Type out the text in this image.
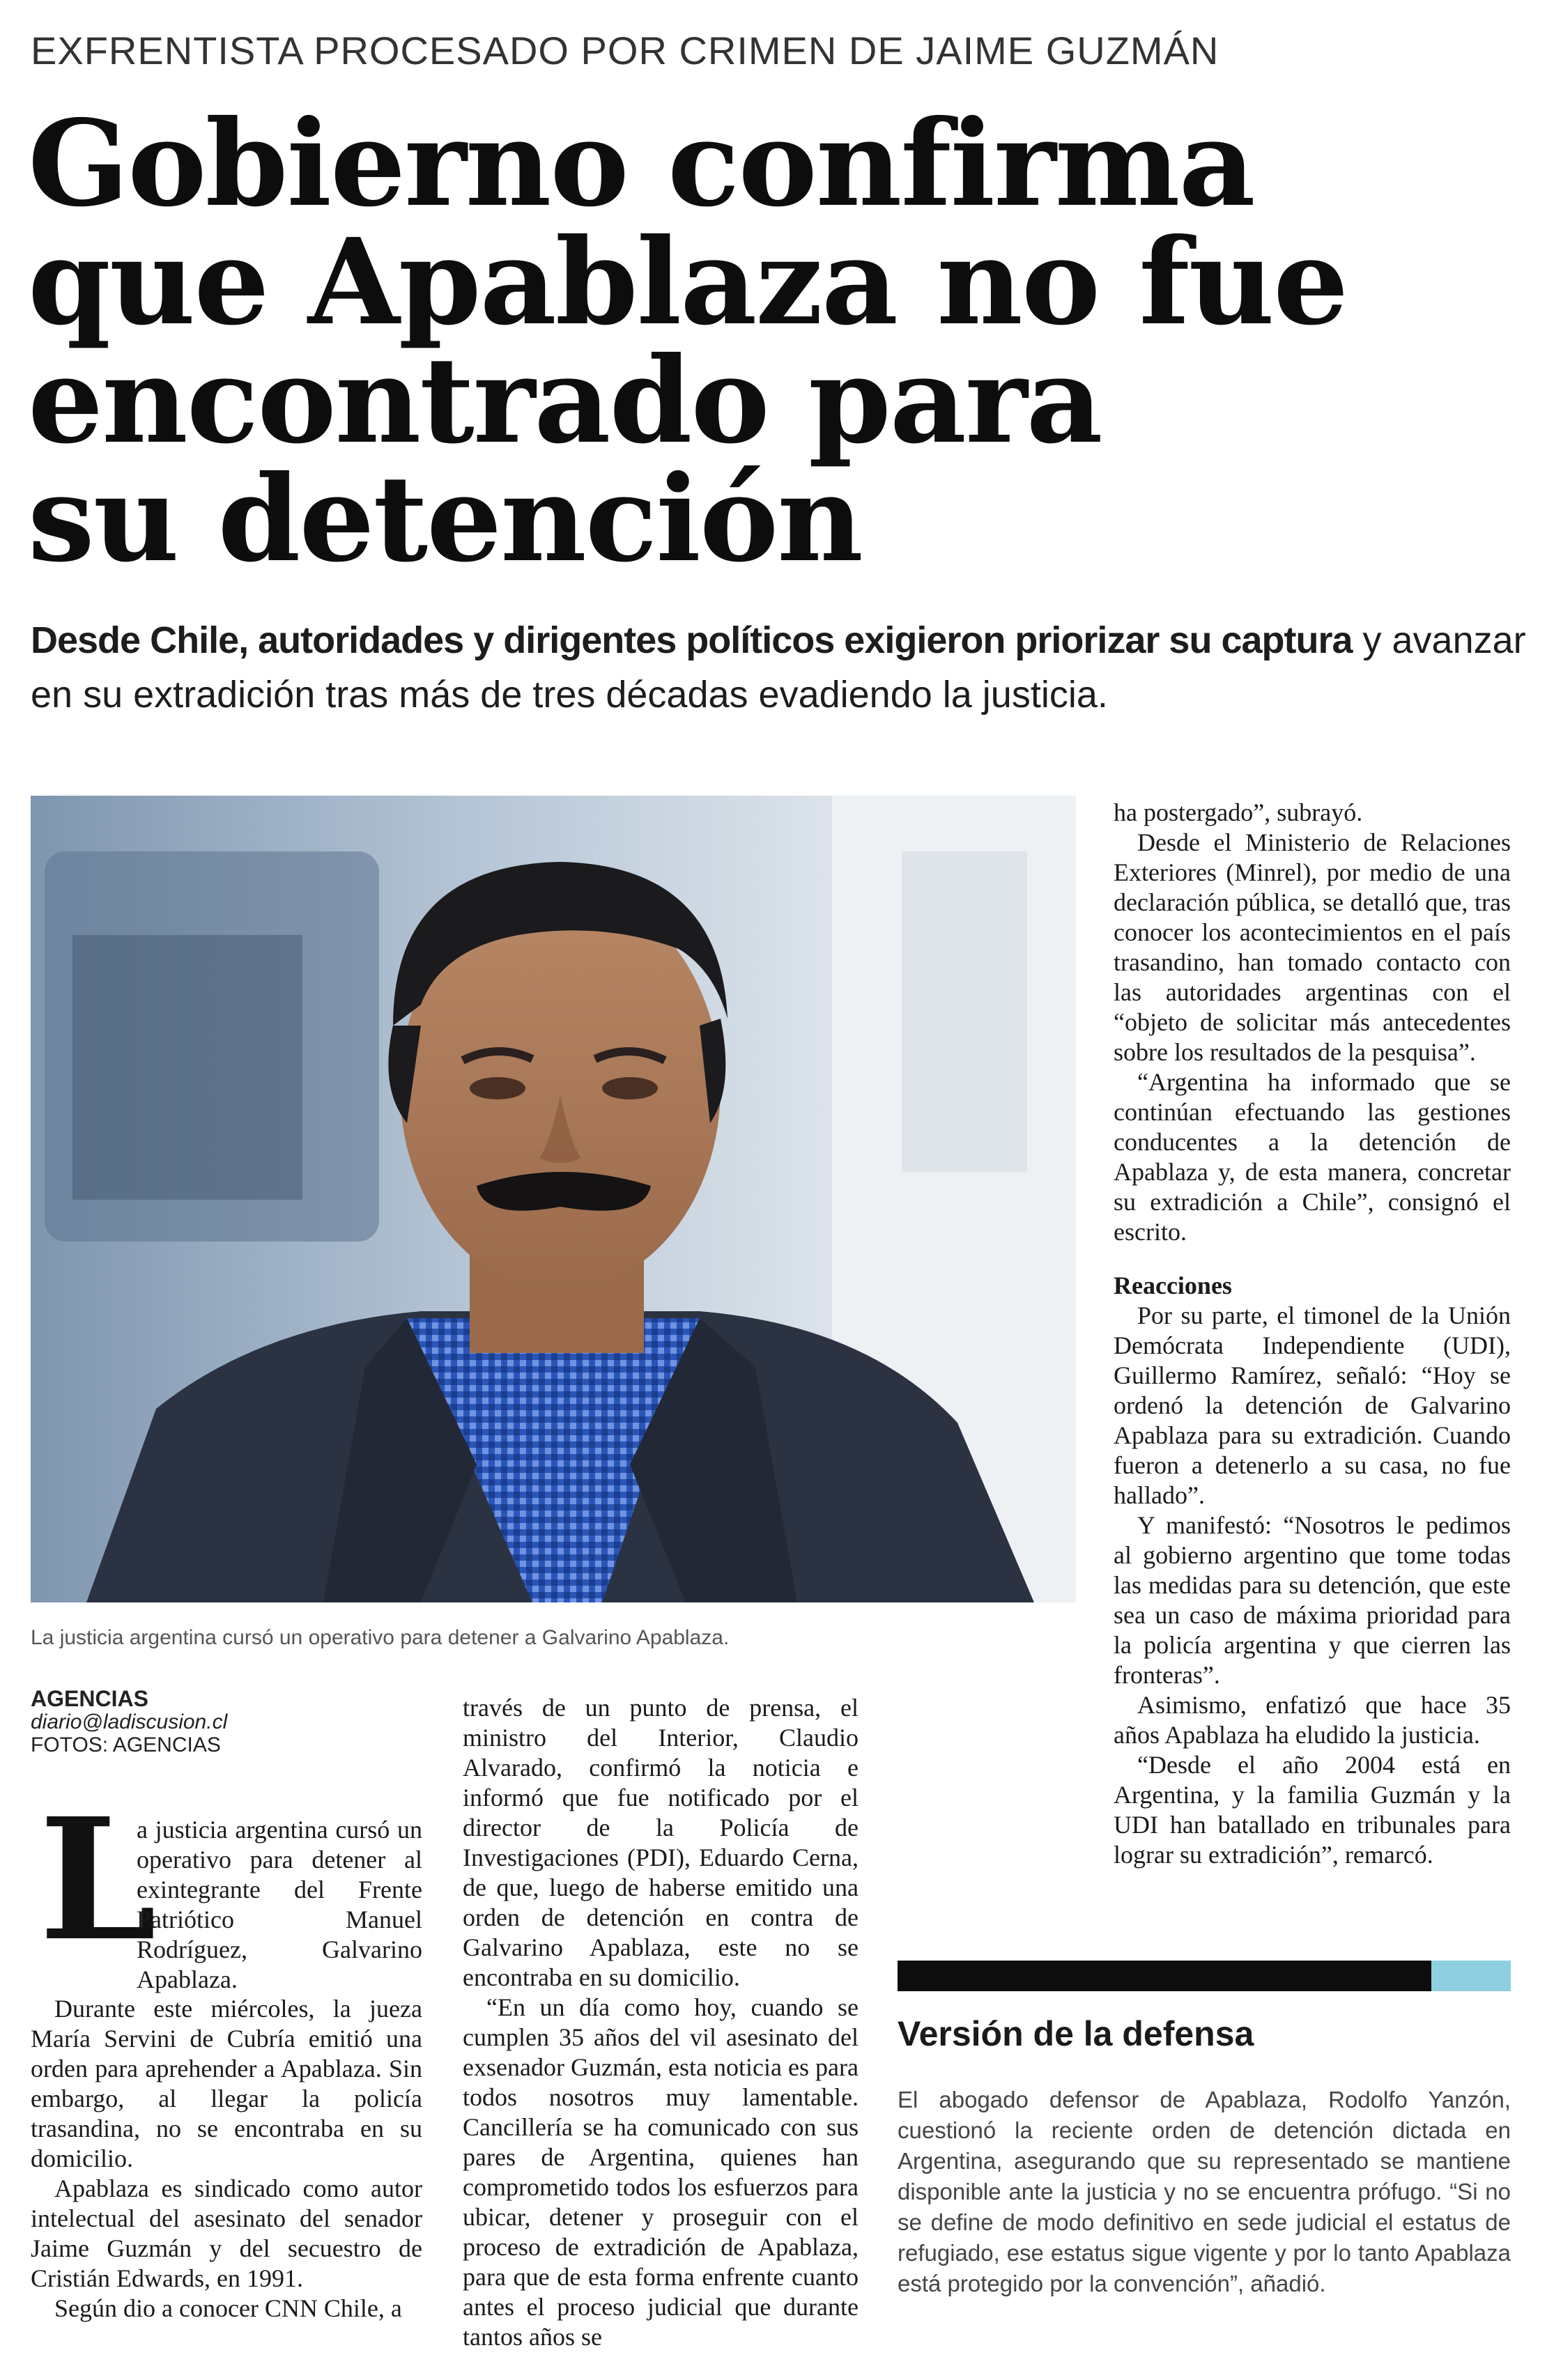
EXFRENTISTA PROCESADO POR CRIMEN DE JAIME GUZMÁN
Gobierno confirma
que Apablaza no fue
encontrado para
su detención
Desde Chile, autoridades y dirigentes políticos exigieron priorizar su captura y avanzar en su extradición tras más de tres décadas evadiendo la justicia.
La justicia argentina cursó un operativo para detener a Galvarino Apablaza.
AGENCIAS
diario@ladiscusion.cl
FOTOS: AGENCIAS
L

a justicia argentina cursó un operativo para detener al exintegrante del Frente Patriótico Manuel Rodríguez, Galvarino Apablaza.

Durante este miércoles, la jueza María Servini de Cubría emitió una orden para aprehender a Apablaza. Sin embargo, al llegar la policía trasandina, no se encontraba en su domicilio.

Apablaza es sindicado como autor intelectual del asesinato del senador Jaime Guzmán y del secuestro de Cristián Edwards, en 1991.

Según dio a conocer CNN Chile, a

través de un punto de prensa, el ministro del Interior, Claudio Alvarado, confirmó la noticia e informó que fue notificado por el director de la Policía de Investigaciones (PDI), Eduardo Cerna, de que, luego de haberse emitido una orden de detención en contra de Galvarino Apablaza, este no se encontraba en su domicilio.

“En un día como hoy, cuando se cumplen 35 años del vil asesinato del exsenador Guzmán, esta noticia es para todos nosotros muy lamentable. Cancillería se ha comunicado con sus pares de Argentina, quienes han comprometido todos los esfuerzos para ubicar, detener y proseguir con el proceso de extradición de Apablaza, para que de esta forma enfrente cuanto antes el proceso judicial que durante tantos años se

ha postergado”, subrayó.

Desde el Ministerio de Relaciones Exteriores (Minrel), por medio de una declaración pública, se detalló que, tras conocer los acontecimientos en el país trasandino, han tomado contacto con las autoridades argentinas con el “objeto de solicitar más antecedentes sobre los resultados de la pesquisa”.

“Argentina ha informado que se continúan efectuando las gestiones conducentes a la detención de Apablaza y, de esta manera, concretar su extradición a Chile”, consignó el escrito.

Reacciones

Por su parte, el timonel de la Unión Demócrata Independiente (UDI), Guillermo Ramírez, señaló: “Hoy se ordenó la detención de Galvarino Apablaza para su extradición. Cuando fueron a detenerlo a su casa, no fue hallado”.

Y manifestó: “Nosotros le pedimos al gobierno argentino que tome todas las medidas para su detención, que este sea un caso de máxima prioridad para la policía argentina y que cierren las fronteras”.

Asimismo, enfatizó que hace 35 años Apablaza ha eludido la justicia.

“Desde el año 2004 está en Argentina, y la familia Guzmán y la UDI han batallado en tribunales para lograr su extradición”, remarcó.

Versión de la defensa
El abogado defensor de Apablaza, Rodolfo Yanzón, cuestionó la reciente orden de detención dictada en Argentina, asegurando que su representado se mantiene disponible ante la justicia y no se encuentra prófugo. “Si no se define de modo definitivo en sede judicial el estatus de refugiado, ese estatus sigue vigente y por lo tanto Apablaza está protegido por la convención”, añadió.
